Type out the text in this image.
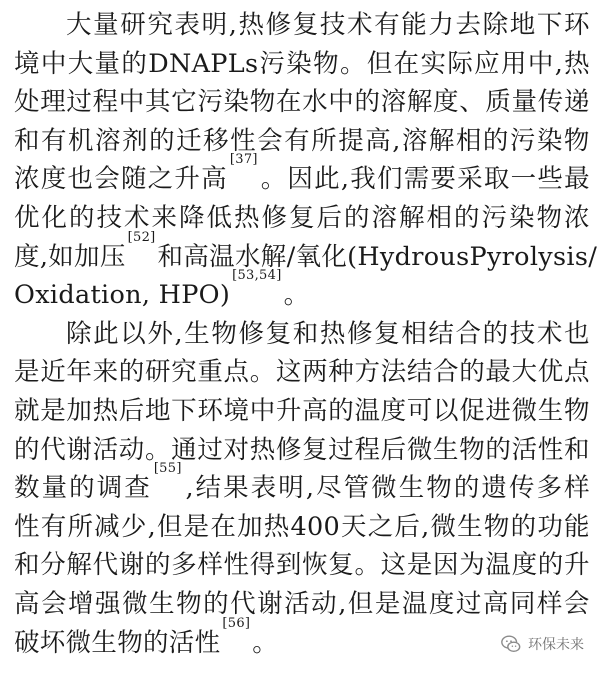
大 量 研 究 表 明 , 热 修 复 技 术 有 能 力 去 除 地 下 环
境 中 大 量 的 DNAPLs 污 染 物 。 但 在 实 际 应 用 中 , 热
处 理 过 程 中 其 它 污 染 物 在 水 中 的 溶 解 度 、 质 量 传 递
和 有 机 溶 剂 的 迁 移 性 会 有 所 提 高 , 溶 解 相 的 污 染 物
浓 度 也 会 随 之 升 高
[37]
。 因 此 , 我 们 需 要 采 取 一 些 最
优 化 的 技 术 来 降 低 热 修 复 后 的 溶 解 相 的 污 染 物 浓
度 , 如 加 压
[52]
和 高 温 水 解 / 氧 化 ( Hydrous Pyrolysis /
Oxidation, HPO)
[53,54]
。
除 此 以 外 , 生 物 修 复 和 热 修 复 相 结 合 的 技 术 也
是 近 年 来 的 研 究 重 点 。 这 两 种 方 法 结 合 的 最 大 优 点
就 是 加 热 后 地 下 环 境 中 升 高 的 温 度 可 以 促 进 微 生 物
的 代 谢 活 动 。 通 过 对 热 修 复 过 程 后 微 生 物 的 活 性 和
数 量 的 调 查
[55]
, 结 果 表 明 , 尽 管 微 生 物 的 遗 传 多 样
性 有 所 减 少 , 但 是 在 加 热 400 天 之 后 , 微 生 物 的 功 能
和 分 解 代 谢 的 多 样 性 得 到 恢 复 。 这 是 因 为 温 度 的 升
高 会 增 强 微 生 物 的 代 谢 活 动 , 但 是 温 度 过 高 同 样 会
破坏微生物的活性
[56]
。	环保未来
